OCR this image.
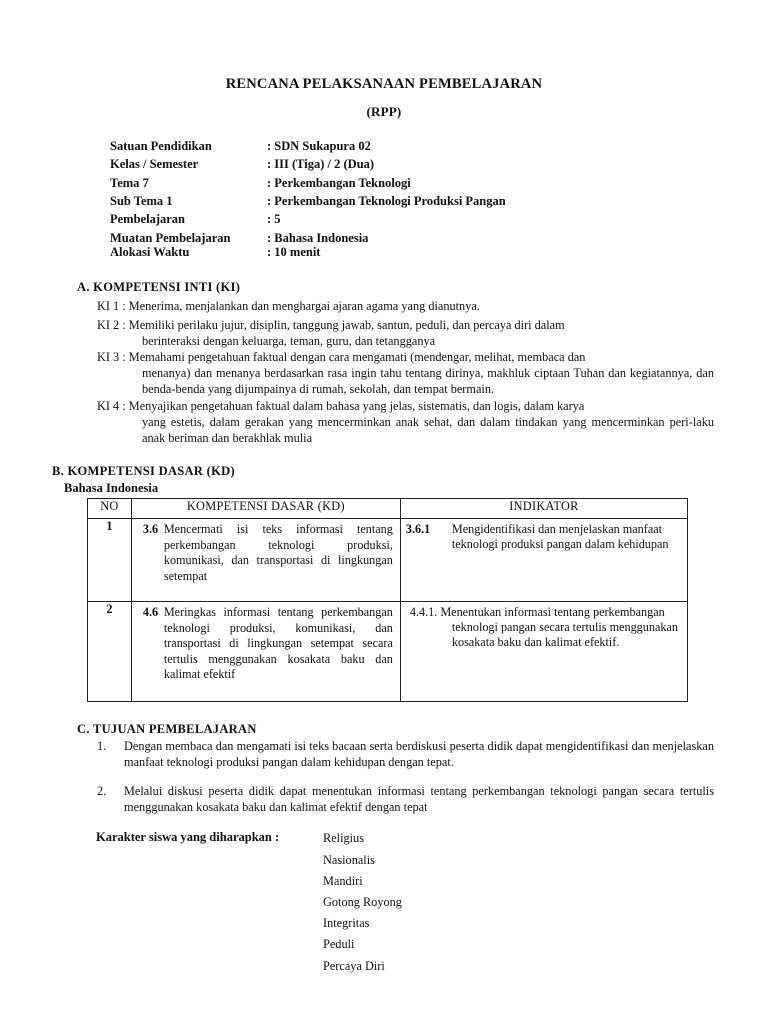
RENCANA PELAKSANAAN PEMBELAJARAN
(RPP)
Satuan Pendidikan	: SDN Sukapura 02
Kelas / Semester	: III (Tiga) / 2 (Dua)
Tema 7	: Perkembangan Teknologi
Sub Tema 1	: Perkembangan Teknologi Produksi Pangan
Pembelajaran	: 5
Muatan Pembelajaran	: Bahasa Indonesia
Alokasi Waktu	: 10 menit
A. KOMPETENSI INTI (KI)
KI 1 : Menerima, menjalankan dan menghargai ajaran agama yang dianutnya.
KI 2 : Memiliki perilaku jujur, disiplin, tanggung jawab, santun, peduli, dan percaya diri dalam
berinteraksi dengan keluarga, teman, guru, dan tetangganya
KI 3 : Memahami pengetahuan faktual dengan cara mengamati (mendengar, melihat, membaca dan
menanya) dan menanya berdasarkan rasa ingin tahu tentang dirinya, makhluk ciptaan Tuhan dan kegiatannya, dan benda-benda yang dijumpainya di rumah, sekolah, dan tempat bermain.
KI 4 : Menyajikan pengetahuan faktual dalam bahasa yang jelas, sistematis, dan logis, dalam karya
yang estetis, dalam gerakan yang mencerminkan anak sehat, dan dalam tindakan yang mencerminkan peri-laku anak beriman dan berakhlak mulia
B. KOMPETENSI DASAR (KD)
Bahasa Indonesia
NO	KOMPETENSI DASAR (KD)	INDIKATOR
1	3.6 Mencermati isi teks informasi tentang perkembangan teknologi produksi, komunikasi, dan transportasi di lingkungan setempat	3.6.1 Mengidentifikasi dan menjelaskan manfaat teknologi produksi pangan dalam kehidupan

2	4.6 Meringkas informasi tentang perkembangan teknologi produksi, komunikasi, dan transportasi di lingkungan setempat secara tertulis menggunakan kosakata baku dan kalimat efektif	4.4.1. Menentukan informasi tentang perkembangan teknologi pangan secara tertulis menggunakan kosakata baku dan kalimat efektif.
C. TUJUAN PEMBELAJARAN
1.	Dengan membaca dan mengamati isi teks bacaan serta berdiskusi peserta didik dapat mengidentifikasi dan menjelaskan manfaat teknologi produksi pangan dalam kehidupan dengan tepat.
2.	Melalui diskusi peserta didik dapat menentukan informasi tentang perkembangan teknologi pangan secara tertulis menggunakan kosakata baku dan kalimat efektif dengan tepat
Karakter siswa yang diharapkan :	Religius
Nasionalis
Mandiri
Gotong Royong
Integritas
Peduli
Percaya Diri
